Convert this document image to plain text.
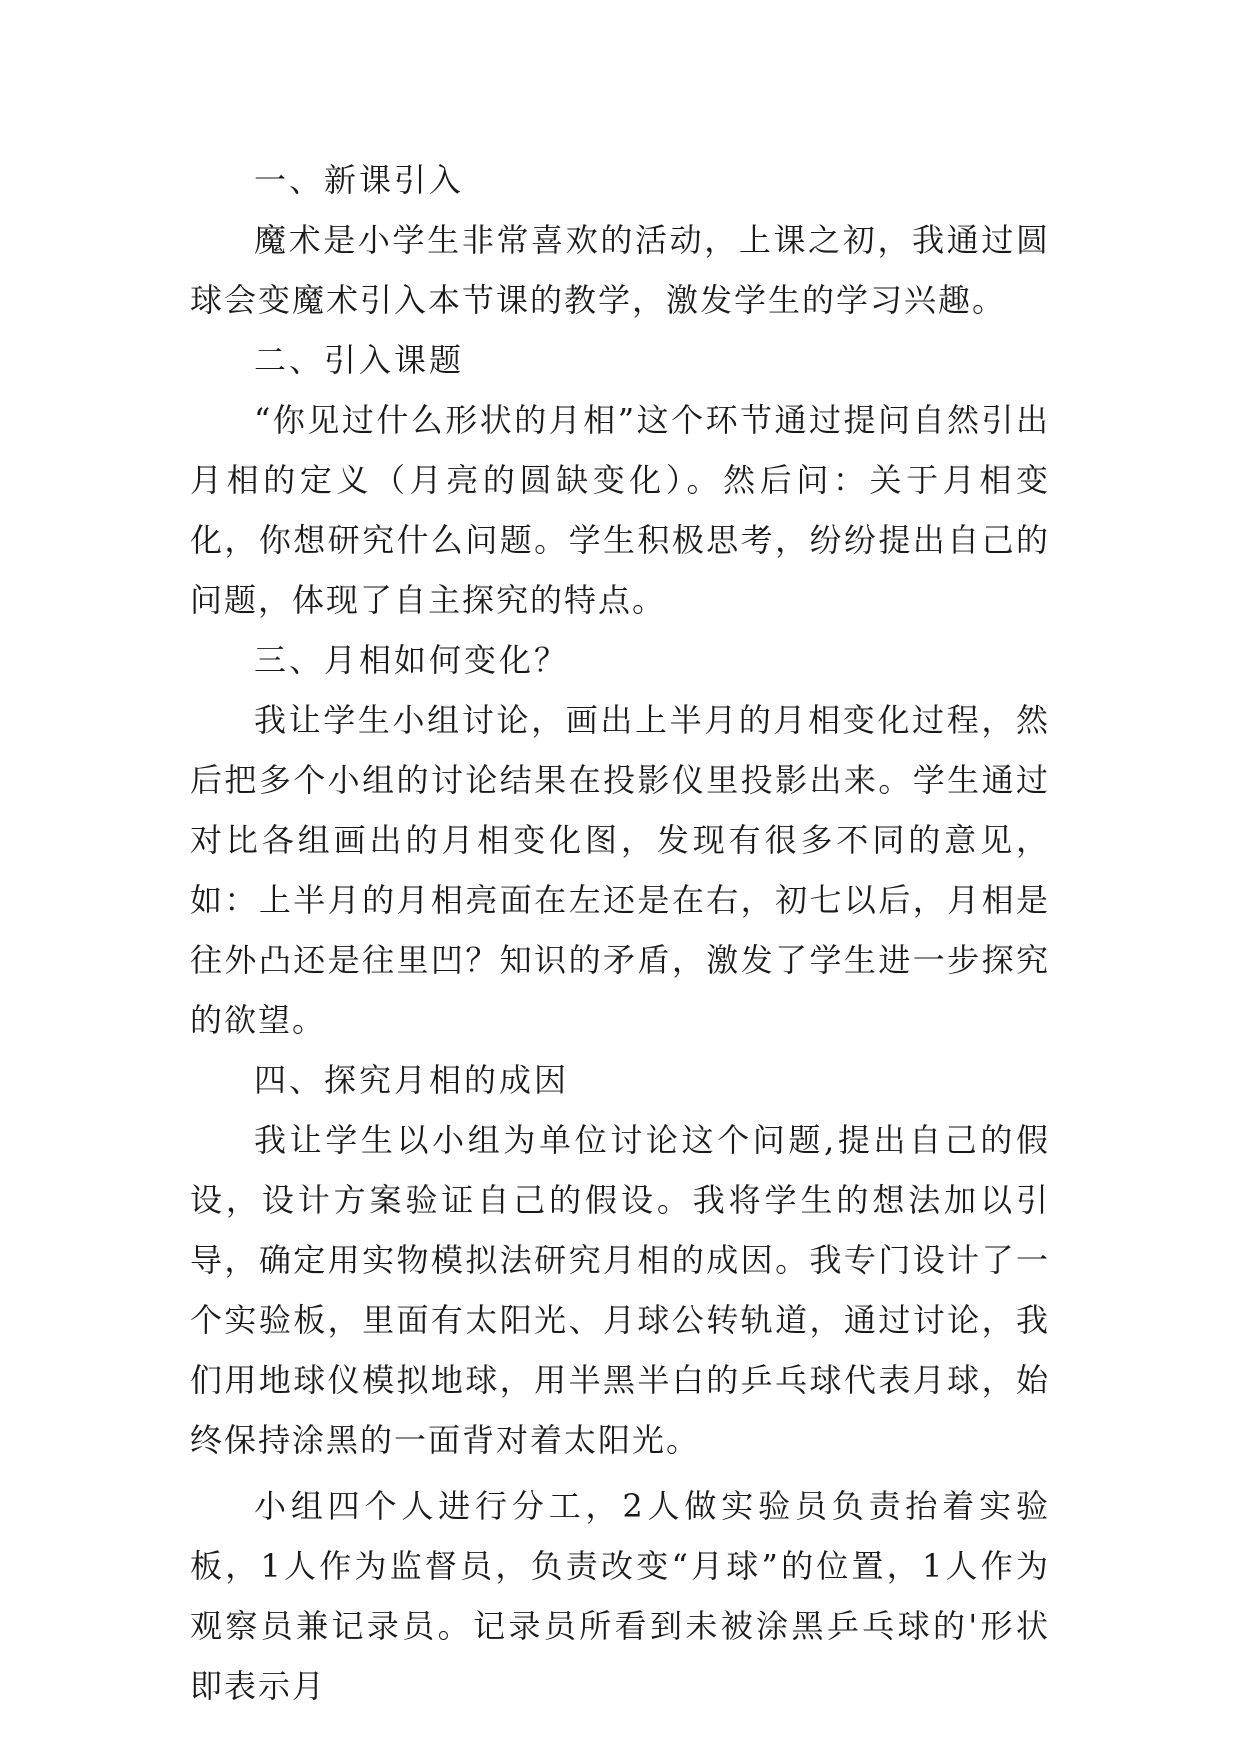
一、新课引入

魔术是小学生非常喜欢的活动，上课之初，我通过圆球会变魔术引入本节课的教学，激发学生的学习兴趣。

二、引入课题

“你见过什么形状的月相”这个环节通过提问自然引出月相的定义（月亮的圆缺变化）。然后问：关于月相变化，你想研究什么问题。学生积极思考，纷纷提出自己的问题，体现了自主探究的特点。

三、月相如何变化？

我让学生小组讨论，画出上半月的月相变化过程，然后把多个小组的讨论结果在投影仪里投影出来。学生通过对比各组画出的月相变化图，发现有很多不同的意见，如：上半月的月相亮面在左还是在右，初七以后，月相是往外凸还是往里凹？知识的矛盾，激发了学生进一步探究的欲望。

四、探究月相的成因

我让学生以小组为单位讨论这个问题,提出自己的假设，设计方案验证自己的假设。我将学生的想法加以引导，确定用实物模拟法研究月相的成因。我专门设计了一个实验板，里面有太阳光、月球公转轨道，通过讨论，我们用地球仪模拟地球，用半黑半白的乒乓球代表月球，始终保持涂黑的一面背对着太阳光。

小组四个人进行分工，2人做实验员负责抬着实验板，1人作为监督员，负责改变“月球”的位置，1人作为观察员兼记录员。记录员所看到未被涂黑乒乓球的'形状即表示月
